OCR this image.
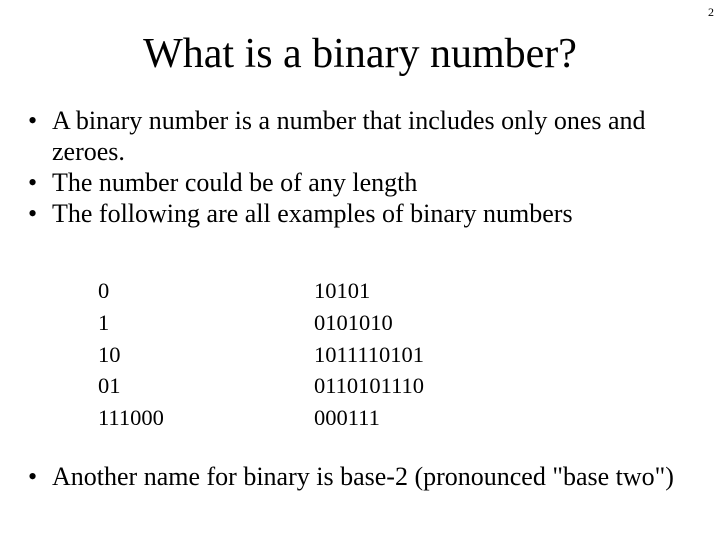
2
What is a binary number?
• A binary number is a number that includes only ones and zeroes.
• The number could be of any length
• The following are all examples of binary numbers
0
1
10
01
111000
10101
0101010
1011110101
0110101110
000111
• Another name for binary is base-2 (pronounced "base two")
